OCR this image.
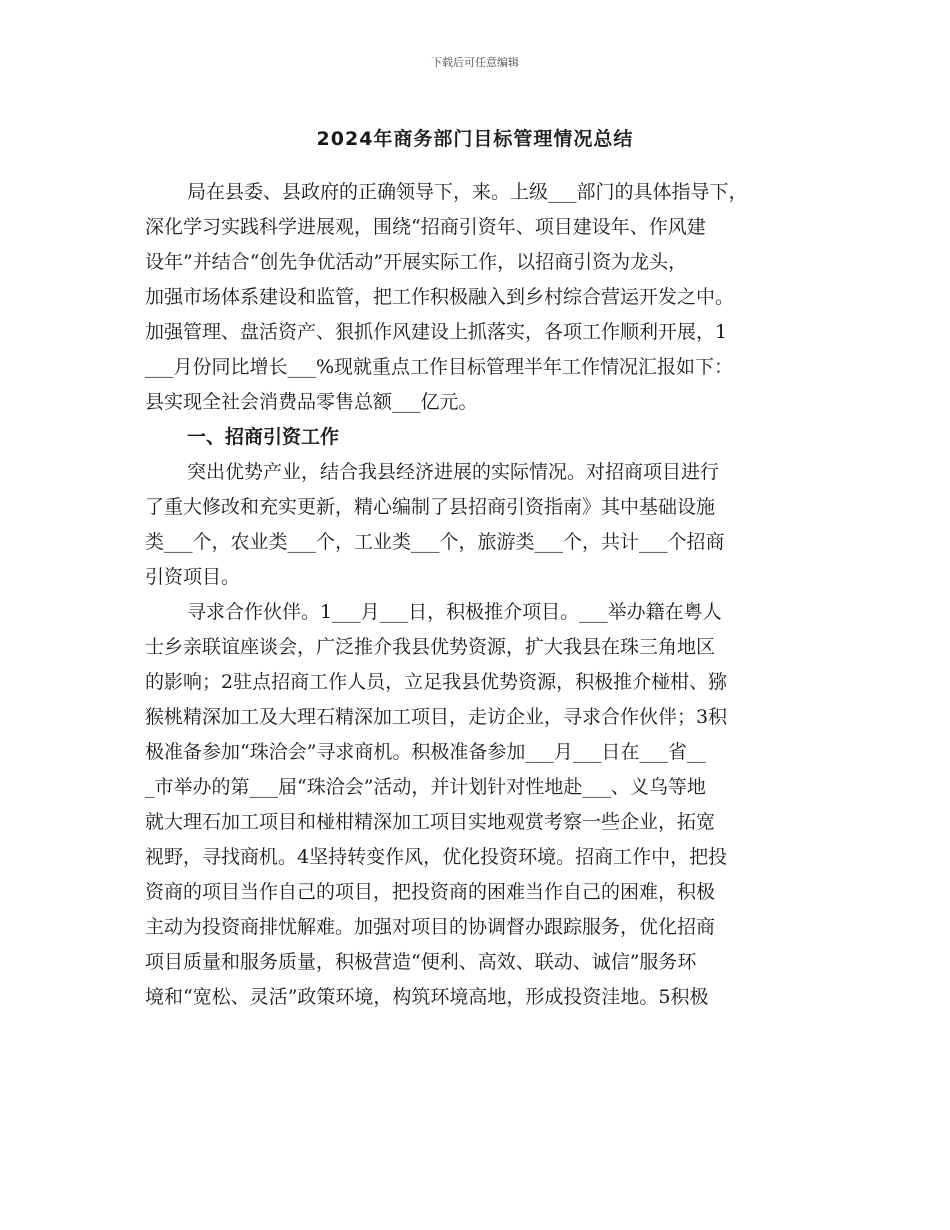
下载后可任意编辑
2024年商务部门目标管理情况总结
局在县委、县政府的正确领导下，来。上级___部门的具体指导下，
深化学习实践科学进展观，围绕“招商引资年、项目建设年、作风建
设年”并结合“创先争优活动”开展实际工作，以招商引资为龙头，
加强市场体系建设和监管，把工作积极融入到乡村综合营运开发之中。
加强管理、盘活资产、狠抓作风建设上抓落实，各项工作顺利开展，1
___月份同比增长___%现就重点工作目标管理半年工作情况汇报如下：
县实现全社会消费品零售总额___亿元。
一、招商引资工作
突出优势产业，结合我县经济进展的实际情况。对招商项目进行
了重大修改和充实更新，精心编制了县招商引资指南》其中基础设施
类___个，农业类___个，工业类___个，旅游类___个，共计___个招商
引资项目。
寻求合作伙伴。1___月___日，积极推介项目。___举办籍在粤人
士乡亲联谊座谈会，广泛推介我县优势资源，扩大我县在珠三角地区
的影响；2驻点招商工作人员，立足我县优势资源，积极推介椪柑、猕
猴桃精深加工及大理石精深加工项目，走访企业，寻求合作伙伴；3积
极准备参加“珠洽会”寻求商机。积极准备参加___月___日在___省__
_市举办的第___届“珠洽会”活动，并计划针对性地赴___、义乌等地
就大理石加工项目和椪柑精深加工项目实地观赏考察一些企业，拓宽
视野，寻找商机。4坚持转变作风，优化投资环境。招商工作中，把投
资商的项目当作自己的项目，把投资商的困难当作自己的困难，积极
主动为投资商排忧解难。加强对项目的协调督办跟踪服务，优化招商
项目质量和服务质量，积极营造“便利、高效、联动、诚信”服务环
境和“宽松、灵活”政策环境，构筑环境高地，形成投资洼地。5积极
